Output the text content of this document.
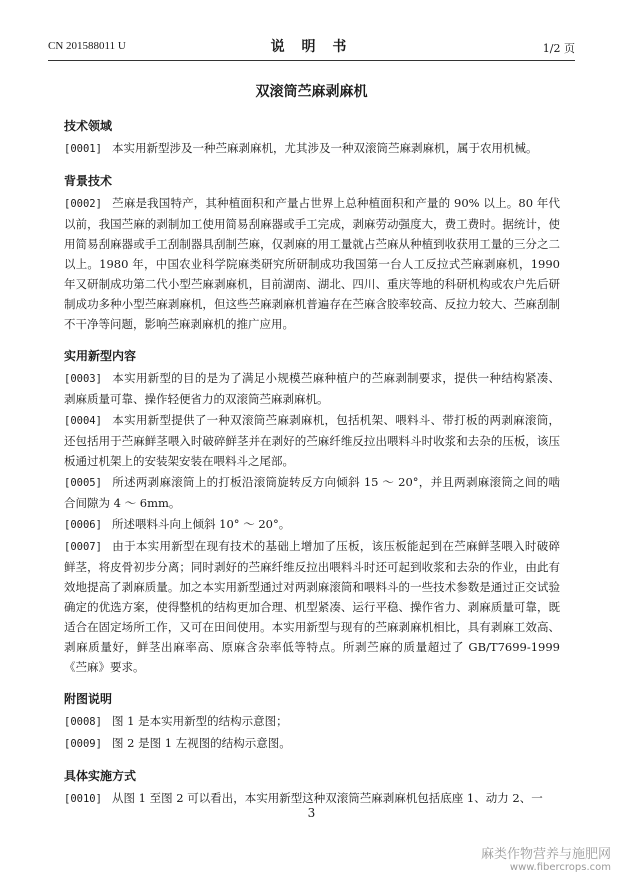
CN 201588011 U	说 明 书	1/2 页
双滚筒苎麻剥麻机
技术领域
[0001] 本实用新型涉及一种苎麻剥麻机，尤其涉及一种双滚筒苎麻剥麻机，属于农用机械。
背景技术
[0002] 苎麻是我国特产，其种植面积和产量占世界上总种植面积和产量的 90% 以上。80 年代以前，我国苎麻的剥制加工使用简易刮麻器或手工完成，剥麻劳动强度大，费工费时。据统计，使用简易刮麻器或手工刮制器具刮制苎麻，仅剥麻的用工量就占苎麻从种植到收获用工量的三分之二以上。1980 年，中国农业科学院麻类研究所研制成功我国第一台人工反拉式苎麻剥麻机，1990 年又研制成功第二代小型苎麻剥麻机，目前湖南、湖北、四川、重庆等地的科研机构或农户先后研制成功多种小型苎麻剥麻机，但这些苎麻剥麻机普遍存在苎麻含胶率较高、反拉力较大、苎麻刮制不干净等问题，影响苎麻剥麻机的推广应用。
实用新型内容
[0003] 本实用新型的目的是为了满足小规模苎麻种植户的苎麻剥制要求，提供一种结构紧凑、剥麻质量可靠、操作轻便省力的双滚筒苎麻剥麻机。
[0004] 本实用新型提供了一种双滚筒苎麻剥麻机，包括机架、喂料斗、带打板的两剥麻滚筒，还包括用于苎麻鲜茎喂入时破碎鲜茎并在剥好的苎麻纤维反拉出喂料斗时收浆和去杂的压板，该压板通过机架上的安装架安装在喂料斗之尾部。
[0005] 所述两剥麻滚筒上的打板沿滚筒旋转反方向倾斜 15 ～ 20°，并且两剥麻滚筒之间的啮合间隙为 4 ～ 6mm。
[0006] 所述喂料斗向上倾斜 10° ～ 20°。
[0007] 由于本实用新型在现有技术的基础上增加了压板，该压板能起到在苎麻鲜茎喂入时破碎鲜茎，将皮骨初步分离；同时剥好的苎麻纤维反拉出喂料斗时还可起到收浆和去杂的作业，由此有效地提高了剥麻质量。加之本实用新型通过对两剥麻滚筒和喂料斗的一些技术参数是通过正交试验确定的优选方案，使得整机的结构更加合理、机型紧凑、运行平稳、操作省力、剥麻质量可靠，既适合在固定场所工作，又可在田间使用。本实用新型与现有的苎麻剥麻机相比，具有剥麻工效高、剥麻质量好，鲜茎出麻率高、原麻含杂率低等特点。所剥苎麻的质量超过了 GB/T7699-1999《苎麻》要求。
附图说明
[0008] 图 1 是本实用新型的结构示意图；
[0009] 图 2 是图 1 左视图的结构示意图。
具体实施方式
[0010] 从图 1 至图 2 可以看出，本实用新型这种双滚筒苎麻剥麻机包括底座 1、动力 2、一
3
麻类作物营养与施肥网
www.fibercrops.com
